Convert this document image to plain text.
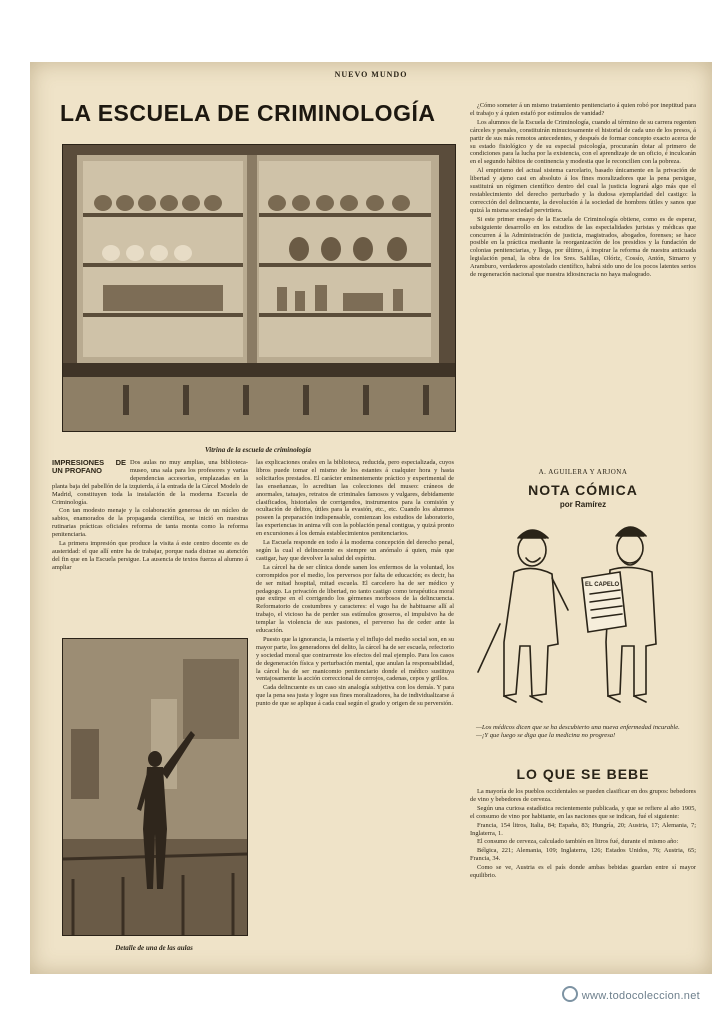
NUEVO MUNDO
LA ESCUELA DE CRIMINOLOGÍA
Vitrina de la escuela de criminología
IMPRESIONES DE UN PROFANO

Dos aulas no muy amplias, una biblioteca-museo, una sala para los profesores y varias dependencias accesorias, emplazadas en la planta baja del pabellón de la izquierda, á la entrada de la Cárcel Modelo de Madrid, constituyen toda la instalación de la moderna Escuela de Criminología.

Con tan modesto menaje y la colaboración generosa de un núcleo de sabios, enamorados de la propaganda científica, se inició en nuestras rutinarias prácticas oficiales reforma de tanta monta como la reforma penitenciaria.

La primera impresión que produce la visita á este centro docente es de austeridad: el que allí entre ha de trabajar, porque nada distrae su atención del fin que en la Escuela persigue. La ausencia de textos fuerza al alumno á ampliar

Detalle de una de las aulas

las explicaciones orales en la biblioteca, reducida, pero especializada, cuyos libros puede tomar el mismo de los estantes á cualquier hora y hasta solicitarlos prestados. El carácter eminentemente práctico y experimental de las enseñanzas, lo acreditan las colecciones del museo: cráneos de anormales, tatuajes, retratos de criminales famosos y vulgares, debidamente clasificados, historiales de corrigendos, instrumentos para la comisión y ocultación de delitos, útiles para la evasión, etc., etc. Cuando los alumnos poseen la preparación indispensable, comienzan los estudios de laboratorio, las experiencias in anima vili con la población penal contigua, y quizá pronto en excursiones á los demás establecimientos penitenciarios.

La Escuela responde en todo á la moderna concepción del derecho penal, según la cual el delincuente es siempre un anómalo á quien, más que castigar, hay que devolver la salud del espíritu.

La cárcel ha de ser clínica donde sanen los enfermos de la voluntad, los corrompidos por el medio, los perversos por falta de educación; es decir, ha de ser mitad hospital, mitad escuela. El carcelero ha de ser médico y pedagogo. La privación de libertad, no tanto castigo como terapéutica moral que extirpe en el corrigendo los gérmenes morbosos de la delincuencia. Reformatorio de costumbres y caracteres: el vago ha de habituarse allí al trabajo, el vicioso ha de perder sus estímulos groseros, el impulsivo ha de templar la violencia de sus pasiones, el perverso ha de ceder ante la educación.

Puesto que la ignorancia, la miseria y el influjo del medio social son, en su mayor parte, los generadores del delito, la cárcel ha de ser escuela, refectorio y sociedad moral que contrarreste los efectos del mal ejemplo. Para los casos de degeneración física y perturbación mental, que anulan la responsabilidad, la cárcel ha de ser manicomio penitenciario donde el médico sustituya ventajosamente la acción correccional de cerrojos, cadenas, cepos y grillos.

Cada delincuente es un caso sin analogía subjetiva con los demás. Y para que la pena sea justa y logre sus fines moralizadores, ha de individualizarse á punto de que se aplique á cada cual según el grado y origen de su perversión.

¿Cómo someter á un mismo tratamiento penitenciario á quien robó por ineptitud para el trabajo y á quien estafó por estímulos de vanidad?

Los alumnos de la Escuela de Criminología, cuando al término de su carrera regenten cárceles y penales, constituirán minuciosamente el historial de cada uno de los presos, á partir de sus más remotos antecedentes, y después de formar concepto exacto acerca de su estado fisiológico y de su especial psicología, procurarán dotar al primero de condiciones para la lucha por la existencia, con el aprendizaje de un oficio, é inculcarán en el segundo hábitos de continencia y modestia que le reconcilien con la pobreza.

Al empirismo del actual sistema carcelario, basado únicamente en la privación de libertad y ajeno casi en absoluto á los fines moralizadores que la pena persigue, sustituirá un régimen científico dentro del cual la justicia logrará algo más que el restablecimiento del derecho perturbado y la dudosa ejemplaridad del castigo: la corrección del delincuente, la devolución á la sociedad de hombres útiles y sanos que quizá la misma sociedad pervirtiera.

Si este primer ensayo de la Escuela de Criminología obtiene, como es de esperar, subsiguiente desarrollo en los estudios de las especialidades juristas y médicas que concurren á la Administración de justicia, magistrados, abogados, forenses; se hace posible en la práctica mediante la reorganización de los presidios y la fundación de colonias penitenciarias, y llega, por último, á inspirar la reforma de nuestra anticuada legislación penal, la obra de los Sres. Salillas, Olóriz, Cossío, Antón, Simarro y Aramburo, verdaderos apostolado científico, habrá sido uno de los pocos latentes serios de regeneración nacional que nuestra idiosincracia no haya malogrado.

A. AGUILERA Y ARJONA
NOTA CÓMICA
por Ramírez
EL CAPELO
—Los médicos dicen que se ha descubierto una nueva enfermedad incurable.
—¡Y que luego se diga que la medicina no progresa!
LO QUE SE BEBE

La mayoría de los pueblos occidentales se pueden clasificar en dos grupos: bebedores de vino y bebedores de cerveza.

Según una curiosa estadística recientemente publicada, y que se refiere al año 1905, el consumo de vino por habitante, en las naciones que se indican, fué el siguiente:

Francia, 154 litros, Italia, 84; España, 83; Hungría, 20; Austria, 17; Alemania, 7; Inglaterra, 1.

El consumo de cerveza, calculado también en litros fué, durante el mismo año:

Bélgica, 221; Alemania, 109; Inglaterra, 126; Estados Unidos, 76; Austria, 65; Francia, 34.

Como se ve, Austria es el país donde ambas bebidas guardan entre sí mayor equilibrio.

www.todocoleccion.net
